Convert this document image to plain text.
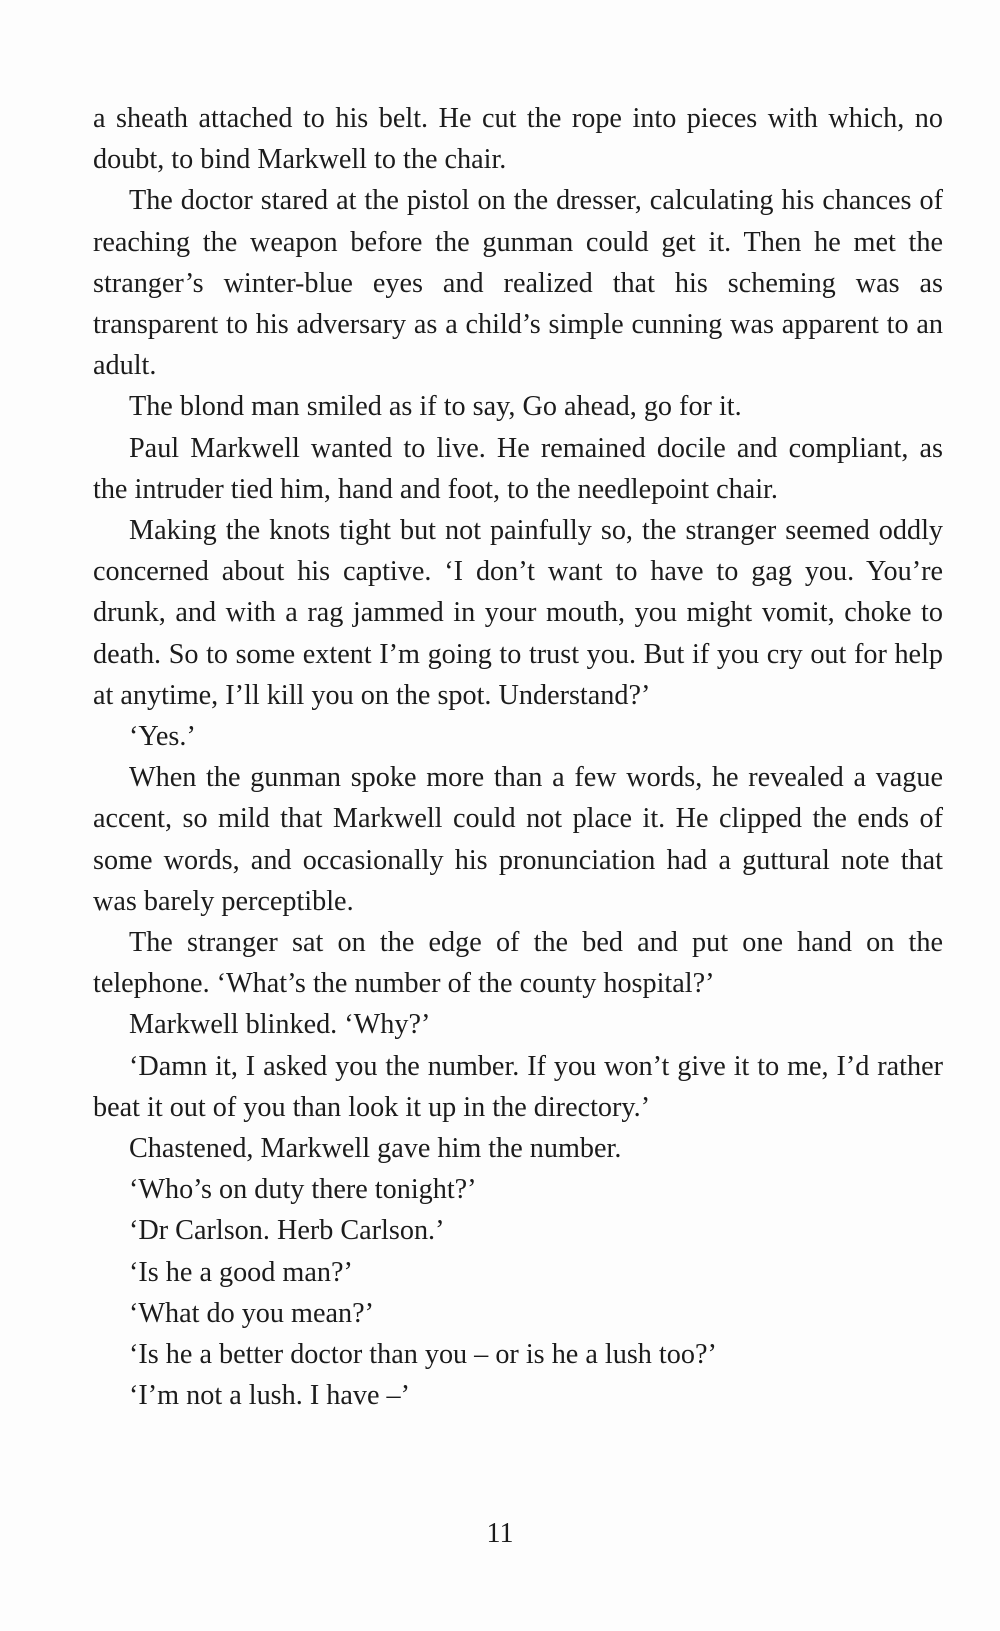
a sheath attached to his belt. He cut the rope into pieces with which, no doubt, to bind Markwell to the chair.

The doctor stared at the pistol on the dresser, calculating his chances of reaching the weapon before the gunman could get it. Then he met the stranger’s winter-blue eyes and realized that his scheming was as transparent to his adversary as a child’s simple cunning was apparent to an adult.

The blond man smiled as if to say, Go ahead, go for it.

Paul Markwell wanted to live. He remained docile and compliant, as the intruder tied him, hand and foot, to the needlepoint chair.

Making the knots tight but not painfully so, the stranger seemed oddly concerned about his captive. ‘I don’t want to have to gag you. You’re drunk, and with a rag jammed in your mouth, you might vomit, choke to death. So to some extent I’m going to trust you. But if you cry out for help at anytime, I’ll kill you on the spot. Understand?’

‘Yes.’

When the gunman spoke more than a few words, he revealed a vague accent, so mild that Markwell could not place it. He clipped the ends of some words, and occasionally his pronunciation had a guttural note that was barely perceptible.

The stranger sat on the edge of the bed and put one hand on the telephone. ‘What’s the number of the county hospital?’

Markwell blinked. ‘Why?’

‘Damn it, I asked you the number. If you won’t give it to me, I’d rather beat it out of you than look it up in the directory.’

Chastened, Markwell gave him the number.

‘Who’s on duty there tonight?’

‘Dr Carlson. Herb Carlson.’

‘Is he a good man?’

‘What do you mean?’

‘Is he a better doctor than you – or is he a lush too?’

‘I’m not a lush. I have –’

11
